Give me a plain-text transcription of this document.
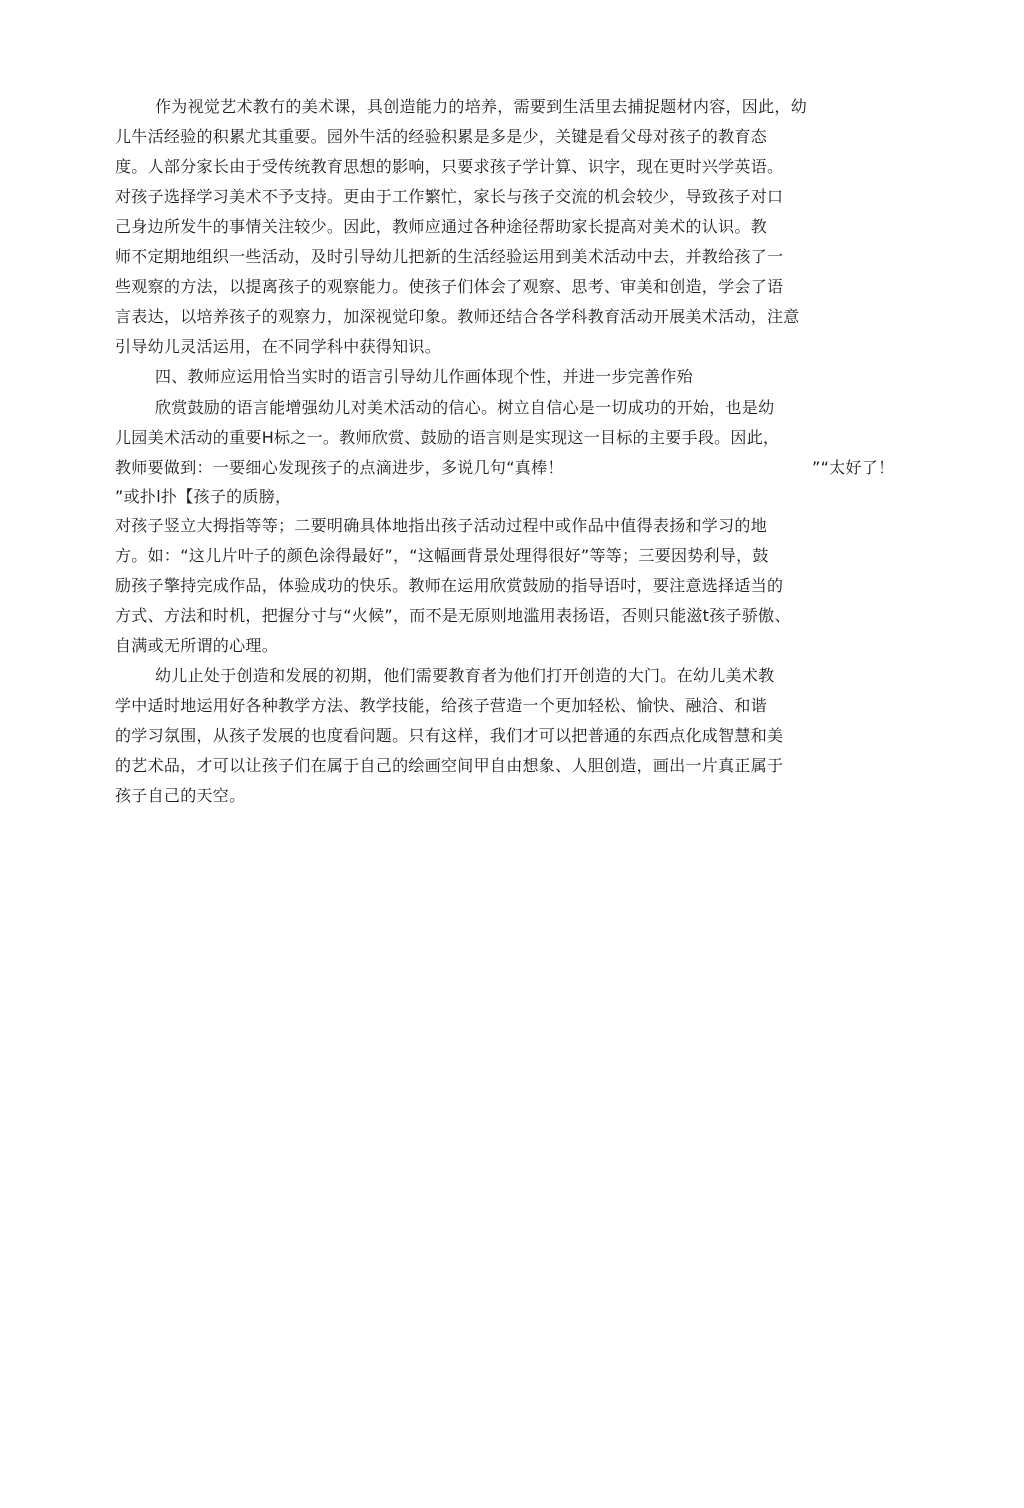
作为视觉艺术教冇的美术课，具创造能力的培养，需要到生活里去捕捉题材内容，因此，幼
儿牛活经验的积累尤其重要。园外牛活的经验积累是多是少，关键是看父母对孩子的教育态
度。人部分家长由于受传统教育思想的影响，只要求孩子学计算、识字，现在更时兴学英语。
对孩子选择学习美术不予支持。更由于工作繁忙，家长与孩子交流的机会较少，导致孩子对口
己身边所发牛的事情关注较少。因此，教师应通过各种途径帮助家长提高对美术的认识。教
师不定期地组织一些活动，及时引导幼儿把新的生活经验运用到美术活动中去，并教给孩了一
些观察的方法，以提离孩子的观察能力。使孩子们体会了观察、思考、审美和创造，学会了语
言表达，以培养孩子的观察力，加深视觉印象。教师还结合各学科教育活动开展美术活动，注意
引导幼儿灵活运用，在不同学科中获得知识。
四、教师应运用恰当实时的语言引导幼儿作画体现个性，并进一步完善作殆
欣赏鼓励的语言能增强幼儿对美术活动的信心。树立自信心是一切成功的开始，也是幼
儿园美术活动的重要H标之一。教师欣赏、鼓励的语言则是实现这一目标的主要手段。因此，
教师要做到：一要细心发现孩子的点滴进步，多说几句“真棒！	”“太好了！
”或扑l扑【孩子的质膀，
对孩子竖立大拇指等等；二要明确具体地指出孩子活动过程中或作品中值得表扬和学习的地
方。如：“这儿片叶子的颜色涂得最好”，“这幅画背景处理得很好”等等；三要因势利导，鼓
励孩子擎持完成作品，体验成功的快乐。教师在运用欣赏鼓励的指导语吋，要注意选择适当的
方式、方法和时机，把握分寸与“火候”，而不是无原则地滥用表扬语，否则只能滋t孩子骄傲、
自满或无所谓的心理。
幼儿止处于创造和发展的初期，他们需要教育者为他们打开创造的大门。在幼儿美术教
学中适时地运用好各种教学方法、教学技能，给孩子营造一个更加轻松、愉快、融洽、和谐
的学习氛围，从孩子发展的也度看问题。只有这样，我们才可以把普通的东西点化成智慧和美
的艺术品，才可以让孩子们在属于自己的绘画空间甲自由想象、人胆创造，画出一片真正属于
孩子自己的天空。
